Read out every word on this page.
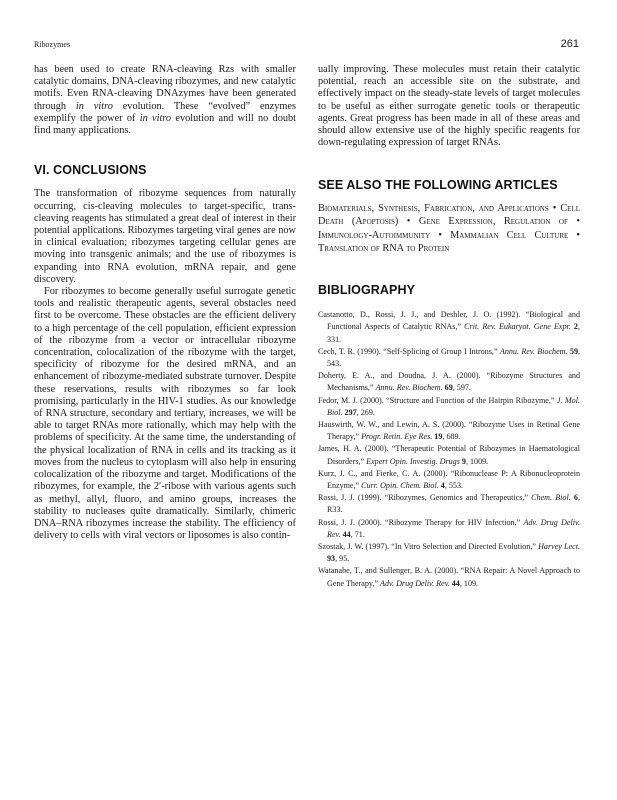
Ribozymes	261

has been used to create RNA-cleaving Rzs with smaller catalytic domains, DNA-cleaving ribozymes, and new catalytic motifs. Even RNA-cleaving DNAzymes have been generated through in vitro evolution. These “evolved” enzymes exemplify the power of in vitro evolution and will no doubt find many applications.

VI. CONCLUSIONS

The transformation of ribozyme sequences from naturally occurring, cis-cleaving molecules to target-specific, trans-cleaving reagents has stimulated a great deal of interest in their potential applications. Ribozymes targeting viral genes are now in clinical evaluation; ribozymes targeting cellular genes are moving into transgenic animals; and the use of ribozymes is expanding into RNA evolution, mRNA repair, and gene discovery.

For ribozymes to become generally useful surrogate genetic tools and realistic therapeutic agents, several obstacles need first to be overcome. These obstacles are the efficient delivery to a high percentage of the cell population, efficient expression of the ribozyme from a vector or intracellular ribozyme concentration, colocalization of the ribozyme with the target, specificity of ribozyme for the desired mRNA, and an enhancement of ribozyme-mediated substrate turnover. Despite these reservations, results with ribozymes so far look promising, particularly in the HIV-1 studies. As our knowledge of RNA structure, secondary and tertiary, increases, we will be able to target RNAs more rationally, which may help with the problems of specificity. At the same time, the understanding of the physical localization of RNA in cells and its tracking as it moves from the nucleus to cytoplasm will also help in ensuring colocalization of the ribozyme and target. Modifications of the ribozymes, for example, the 2′-ribose with various agents such as methyl, allyl, fluoro, and amino groups, increases the stability to nucleases quite dramatically. Similarly, chimeric DNA–RNA ribozymes increase the stability. The efficiency of delivery to cells with viral vectors or liposomes is also contin-

ually improving. These molecules must retain their catalytic potential, reach an accessible site on the substrate, and effectively impact on the steady-state levels of target molecules to be useful as either surrogate genetic tools or therapeutic agents. Great progress has been made in all of these areas and should allow extensive use of the highly specific reagents for down-regulating expression of target RNAs.

SEE ALSO THE FOLLOWING ARTICLES

Biomaterials, Synthesis, Fabrication, and Applications • Cell Death (Apoptosis) • Gene Expression, Regulation of • Immunology-Autoimmunity • Mammalian Cell Culture • Translation of RNA to Protein

BIBLIOGRAPHY
Castanotto, D., Rossi, J. J., and Deshler, J. O. (1992). “Biological and Functional Aspects of Catalytic RNAs,” Crit. Rev. Eukaryot. Gene Expr. 2, 331.
Cech, T. R. (1990). “Self-Splicing of Group I Introns,” Annu. Rev. Biochem. 59, 543.
Doherty, E. A., and Doudna, J. A. (2000). “Ribozyme Structures and Mechanisms,” Annu. Rev. Biochem. 69, 597.
Fedor, M. J. (2000). “Structure and Function of the Hairpin Ribozyme,” J. Mol. Biol. 297, 269.
Hauswirth, W. W., and Lewin, A. S. (2000). “Ribozyme Uses in Retinal Gene Therapy,” Progr. Retin. Eye Res. 19, 689.
James, H. A. (2000). “Therapeutic Potential of Ribozymes in Haematological Disorders,” Expert Opin. Investig. Drugs 9, 1009.
Kurz, J. C., and Fierke, C. A. (2000). “Ribonuclease P: A Ribonucleoprotein Enzyme,” Curr. Opin. Chem. Biol. 4, 553.
Rossi, J. J. (1999). “Ribozymes, Genomics and Therapeutics,” Chem. Biol. 6, R33.
Rossi, J. J. (2000). “Ribozyme Therapy for HIV Infection,” Adv. Drug Deliv. Rev. 44, 71.
Szostak, J. W. (1997). “In Vitro Selection and Directed Evolution,” Harvey Lect. 93, 95.
Watanabe, T., and Sullenger, B. A. (2000). “RNA Repair: A Novel Approach to Gene Therapy,” Adv. Drug Deliv. Rev. 44, 109.
